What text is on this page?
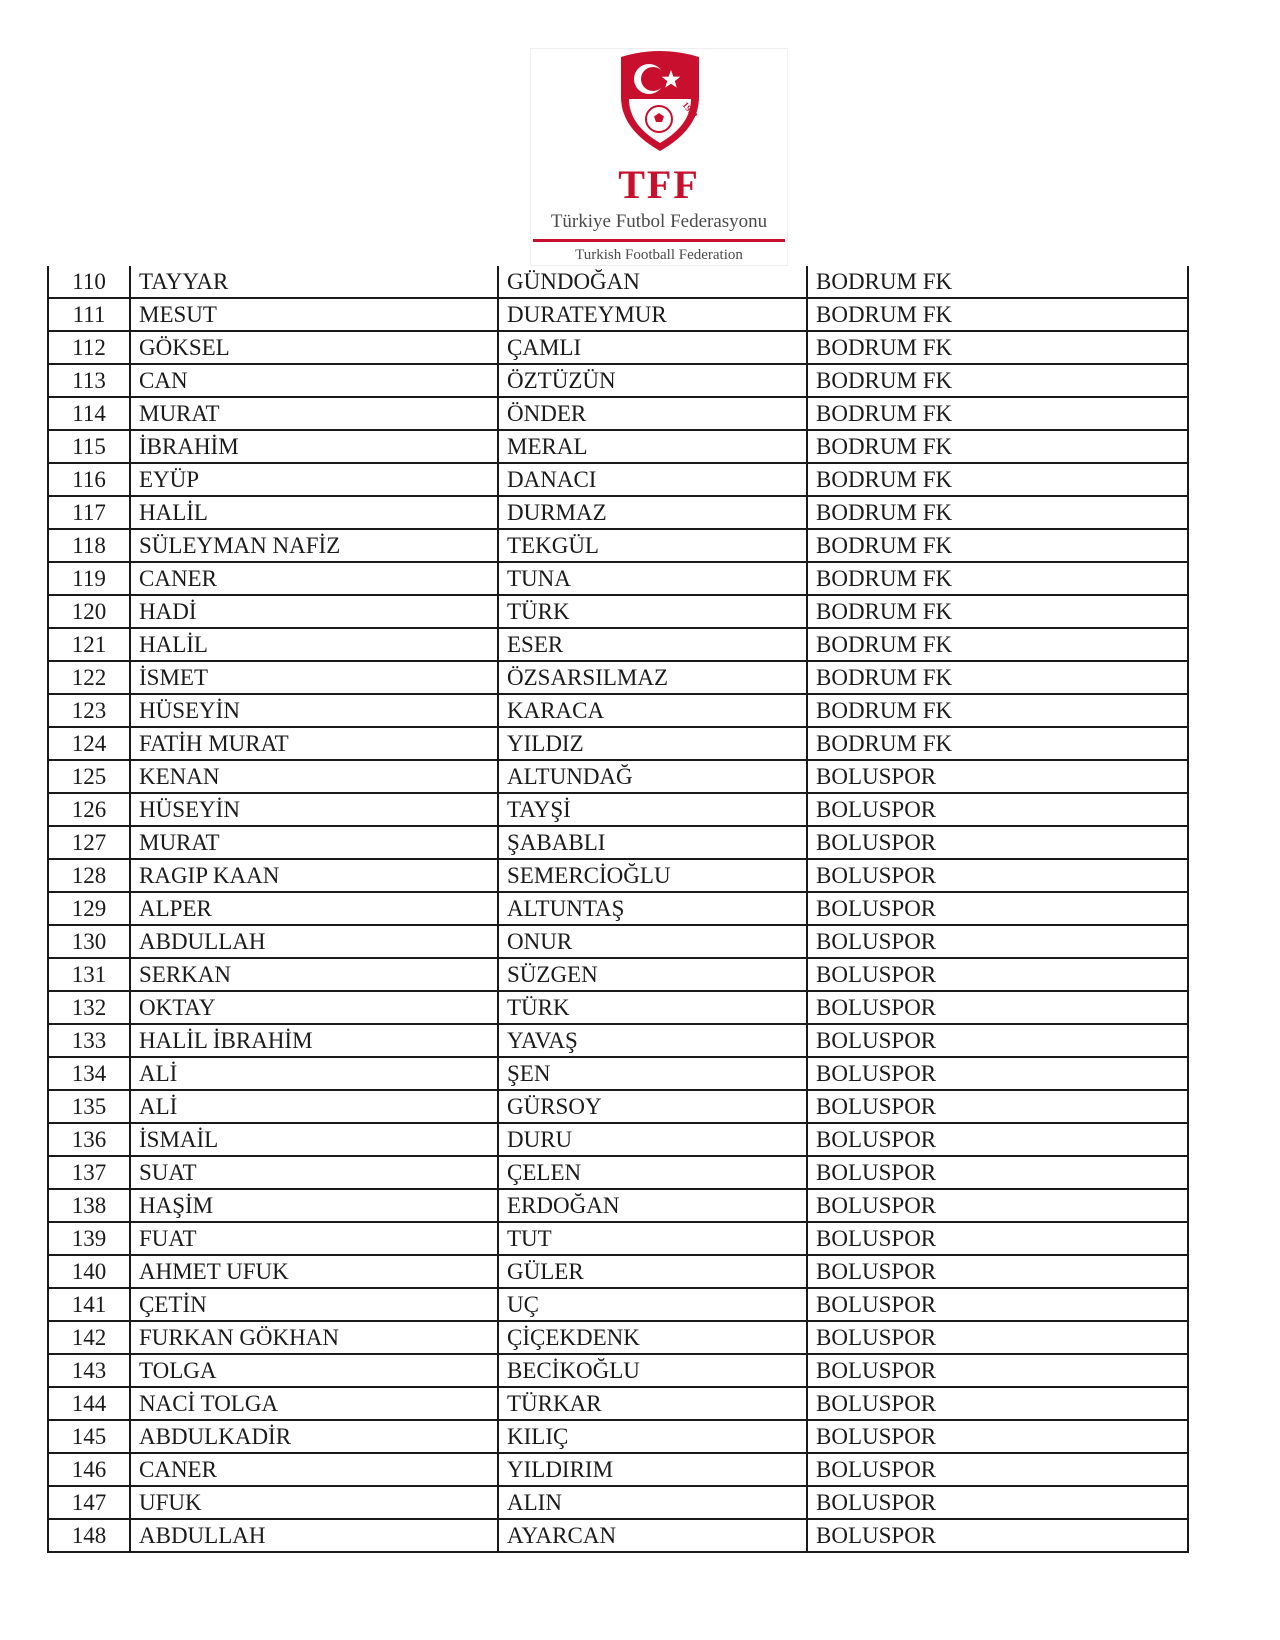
1923
TFF
Türkiye Futbol Federasyonu
Turkish Football Federation
110	TAYYAR	GÜNDOĞAN	BODRUM FK
111	MESUT	DURATEYMUR	BODRUM FK
112	GÖKSEL	ÇAMLI	BODRUM FK
113	CAN	ÖZTÜZÜN	BODRUM FK
114	MURAT	ÖNDER	BODRUM FK
115	İBRAHİM	MERAL	BODRUM FK
116	EYÜP	DANACI	BODRUM FK
117	HALİL	DURMAZ	BODRUM FK
118	SÜLEYMAN NAFİZ	TEKGÜL	BODRUM FK
119	CANER	TUNA	BODRUM FK
120	HADİ	TÜRK	BODRUM FK
121	HALİL	ESER	BODRUM FK
122	İSMET	ÖZSARSILMAZ	BODRUM FK
123	HÜSEYİN	KARACA	BODRUM FK
124	FATİH MURAT	YILDIZ	BODRUM FK
125	KENAN	ALTUNDAĞ	BOLUSPOR
126	HÜSEYİN	TAYŞİ	BOLUSPOR
127	MURAT	ŞABABLI	BOLUSPOR
128	RAGIP KAAN	SEMERCİOĞLU	BOLUSPOR
129	ALPER	ALTUNTAŞ	BOLUSPOR
130	ABDULLAH	ONUR	BOLUSPOR
131	SERKAN	SÜZGEN	BOLUSPOR
132	OKTAY	TÜRK	BOLUSPOR
133	HALİL İBRAHİM	YAVAŞ	BOLUSPOR
134	ALİ	ŞEN	BOLUSPOR
135	ALİ	GÜRSOY	BOLUSPOR
136	İSMAİL	DURU	BOLUSPOR
137	SUAT	ÇELEN	BOLUSPOR
138	HAŞİM	ERDOĞAN	BOLUSPOR
139	FUAT	TUT	BOLUSPOR
140	AHMET UFUK	GÜLER	BOLUSPOR
141	ÇETİN	UÇ	BOLUSPOR
142	FURKAN GÖKHAN	ÇİÇEKDENK	BOLUSPOR
143	TOLGA	BECİKOĞLU	BOLUSPOR
144	NACİ TOLGA	TÜRKAR	BOLUSPOR
145	ABDULKADİR	KILIÇ	BOLUSPOR
146	CANER	YILDIRIM	BOLUSPOR
147	UFUK	ALIN	BOLUSPOR
148	ABDULLAH	AYARCAN	BOLUSPOR
